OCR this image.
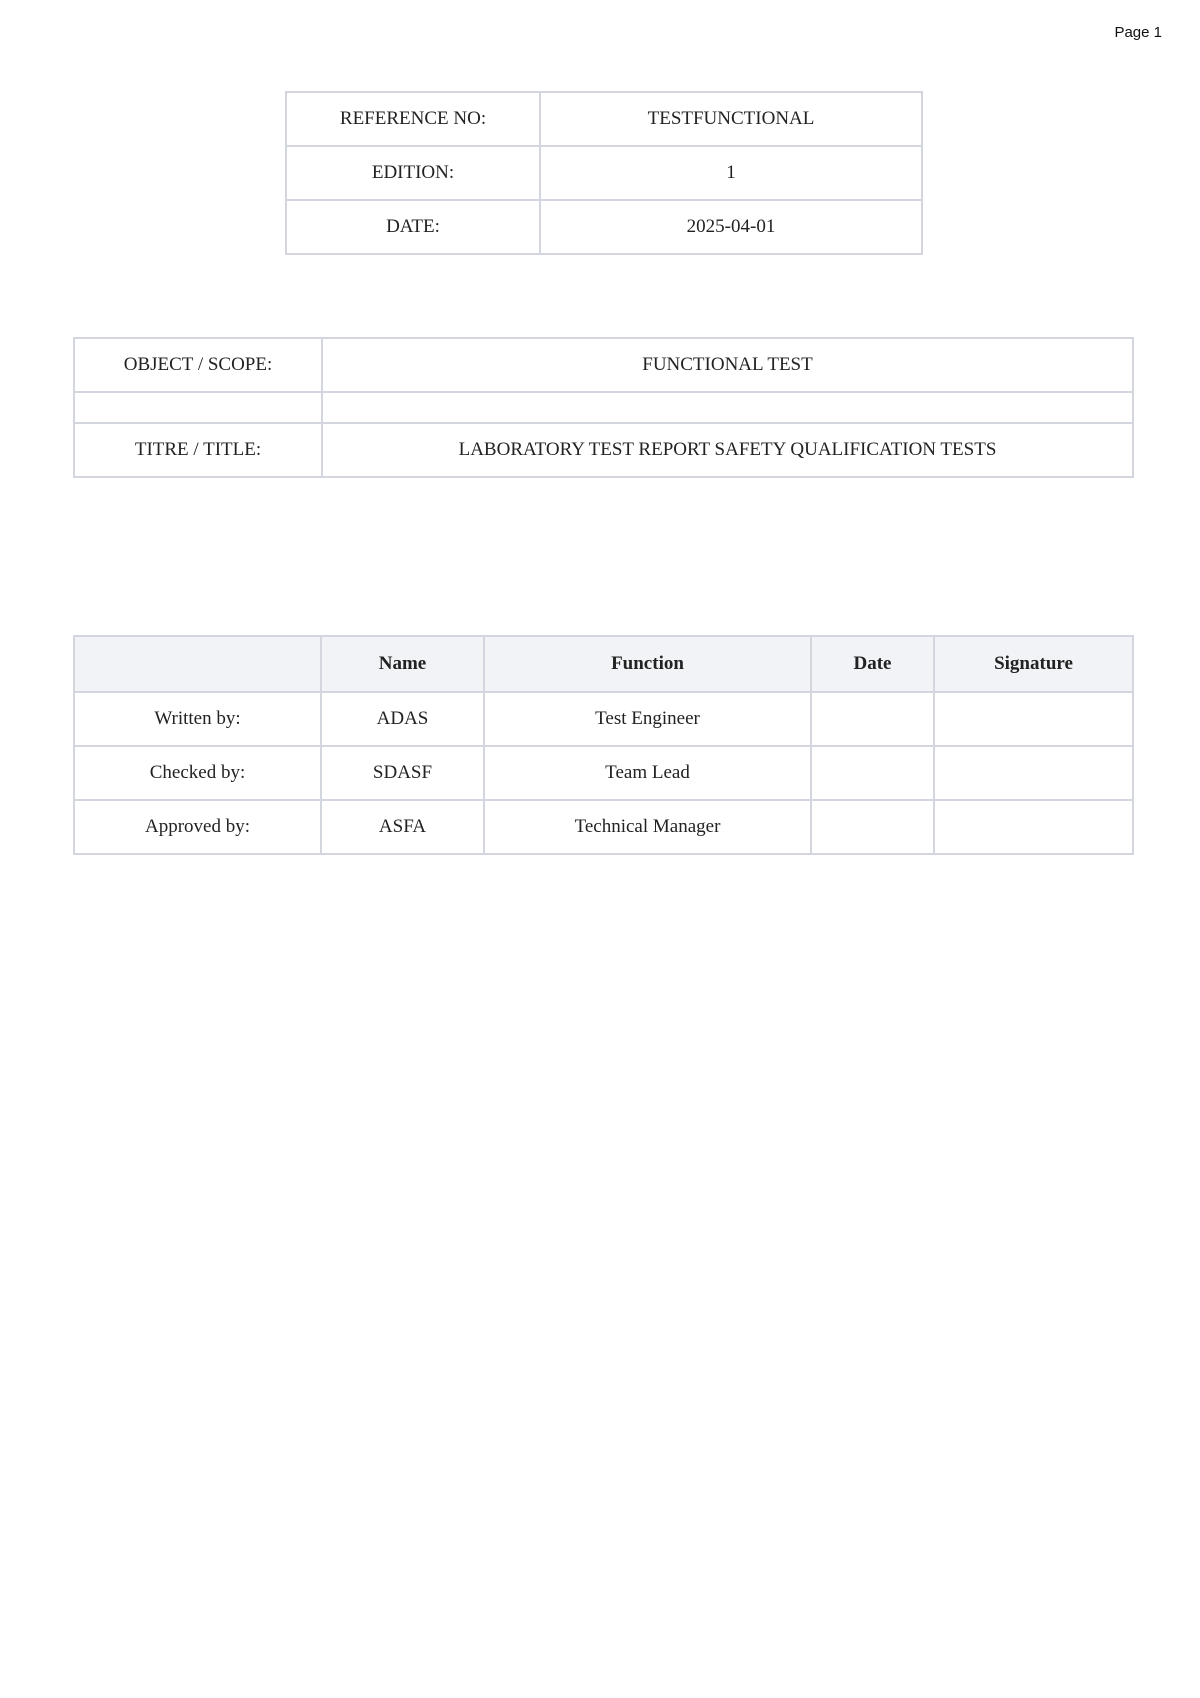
Page 1
REFERENCE NO:	TESTFUNCTIONAL
EDITION:	1
DATE:	2025-04-01
OBJECT / SCOPE:	FUNCTIONAL TEST

TITRE / TITLE:	LABORATORY TEST REPORT SAFETY QUALIFICATION TESTS
	Name	Function	Date	Signature
Written by:	ADAS	Test Engineer		
Checked by:	SDASF	Team Lead		
Approved by:	ASFA	Technical Manager		
